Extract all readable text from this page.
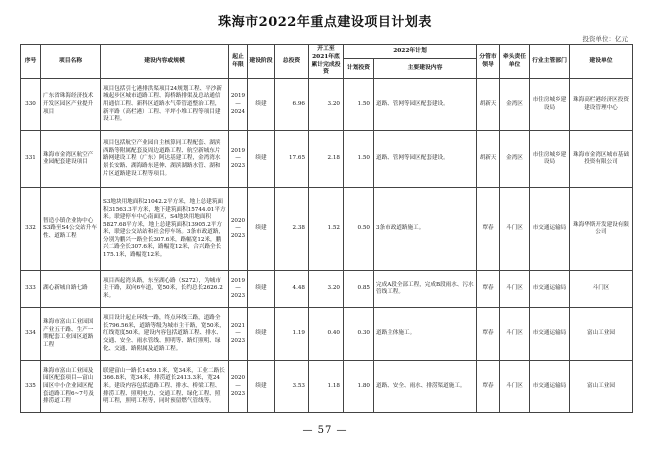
珠海市2022年重点建设项目计划表
投资单位：亿元
序号	项目名称	建设内容或规模	起止年限	建设阶段	总投资	开工至2021年底累计完成投资	2022年计划		分管市领导	牵头责任单位	行业主管部门	建设单位
							计划投资	主要建设内容				
330	广东省珠海经济技术开发区园区产业提升项目	项目包括引七港排洪渠项目24规划工程、平沙新城起步区城市道路工程、海桥路排渠及总站通信用通信工程、新科区道路水气带管道整治工程，新平路（高栏港）工程、平坪小堆工程等项目建设工程。	2019—2024	续建	6.96	3.20	1.50	道路、管网等园区配套建设。	胡新天	金湾区	市住房城乡建设局	珠海高栏港经济区投资建设管理中心
331	珠海市金湾区航空产业园配套建设项目	项目包括航空产业园自主核算同工程配套、湖滨西路等附属配套及周边道路工程、航空新城东片路网建设工程（广东）阿达基建工程，金湾湾水景长安路、湖海路东延伸、湖滨湖路水管、湖和片区道路建设工程等项目。	2019—2023	续建	17.65	2.18	1.50	道路、管网等园区配套建设。	胡新天	金湾区	市住房城乡建设局	珠海市金湾区城市基础投资有限公司
332	智造小镇企业协中心S3路至S4公交站升车性、道路工程	S3地块用地面积21042.2平方米，地上总建筑面积31563.3平方米，地下建筑面积15744.01平方米。联建停车中心南面区，S4地块用地面积5827.68平方米，地上总建筑面积13905.2平方米，联建公交站站和社会停车场。3条市政道路，分别为鹏兴一路全长307.6米，路幅宽12米，鹏兴二路全长307.6米，路幅宽12米，合兴路全长175.1米，路幅宽12米。	2020—2023	续建	2.38	1.52	0.50	3条市政道路施工。	覃春	斗门区	市交通运输局	珠海华斯开发建设有限公司
333	湖心新城自路七路	项目西起湾头路，东至湖心路（S272），为城市主干路，双向6车道，宽50米，长约总长2626.2米。	2019—2023	续建	4.48	3.20	0.85	完成A段全部工程，完成B段雨水、污水管线工程。	覃春	斗门区	市交通运输局	斗门区
334	珠海市富山工业园国产业五千路、生产一期配套工业园区道路工程	项目设计起止环线一路，终点环线三路，道路全长796.56米，道路等级为城市主干路，宽50米，红线宽度50米。建设内容包括道路工程、排水、交通、安全、雨水管线、照明等、路灯照明、绿化、交通、路附属及道路工程。	2021—2023	续建	1.19	0.40	0.30	道路主体施工。	覃春	斗门区	市交通运输局	富山工业园
335	珠海市富山工业园及园区配套项目—富山园区中小企业园区配套道路工程6~7号及排涝道工程	联建富山一路长1459.1米，宽34米，工业二路长366.8米，宽34米，排涝道长2413.3米，宽24米。建设内容包括道路工程、排水、桥梁工程、排涝工程、照明电力、交通工程、绿化工程、照明工程，照明工程等，同时预留燃气管线等。	2020—2023	续建	3.53	1.18	1.80	道路、安全、雨水、排涝渠道施工。	覃春	斗门区	市交通运输局	富山工业园
— 57 —
